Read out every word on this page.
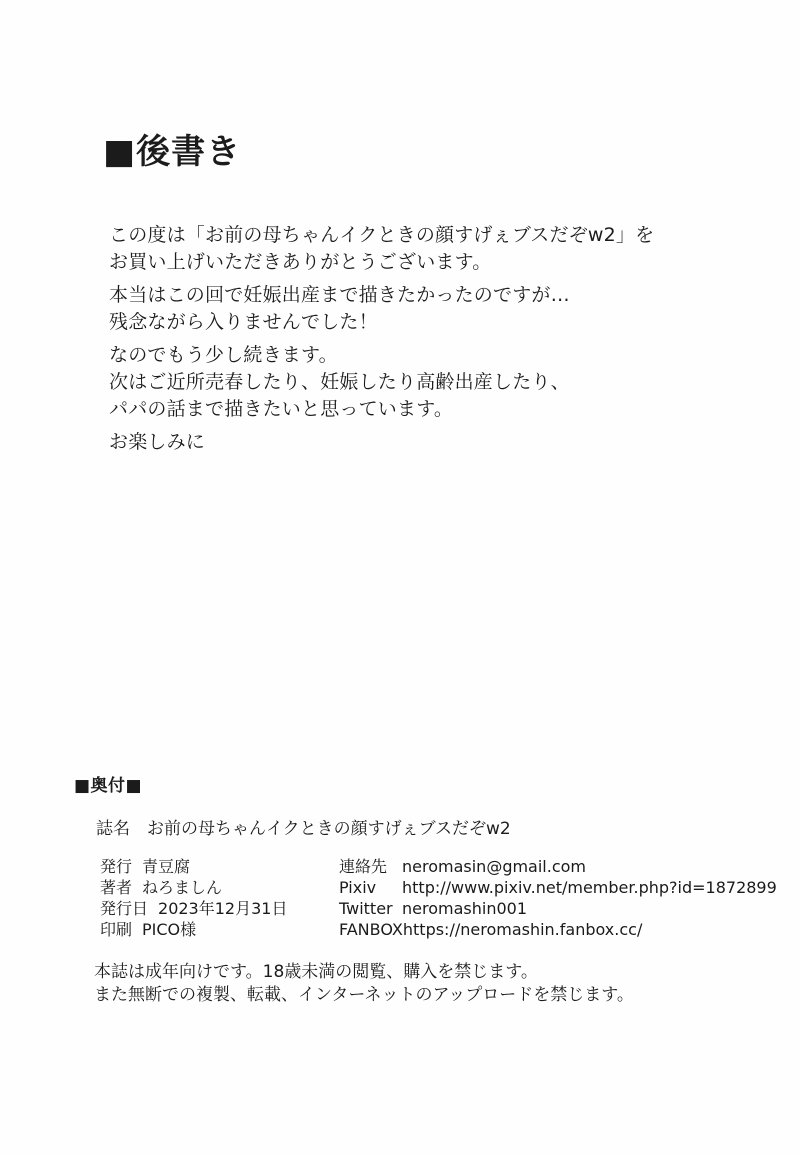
■後書き
この度は「お前の母ちゃんイクときの顔すげぇブスだぞw2」を
お買い上げいただきありがとうございます。
本当はこの回で妊娠出産まで描きたかったのですが…
残念ながら入りませんでした！
なのでもう少し続きます。
次はご近所売春したり、妊娠したり高齢出産したり、
パパの話まで描きたいと思っています。
お楽しみに
■奥付■
誌名 お前の母ちゃんイクときの顔すげぇブスだぞw2
発行 青豆腐
著者 ねろましん
発行日 2023年12月31日
印刷 PICO様
連絡先 neromasin@gmail.com
Pixiv	http://www.pixiv.net/member.php?id=1872899
Twitter neromashin001
FANBOX https://neromashin.fanbox.cc/
本誌は成年向けです。18歳未満の閲覧、購入を禁じます。
また無断での複製、転載、インターネットのアップロードを禁じます。
